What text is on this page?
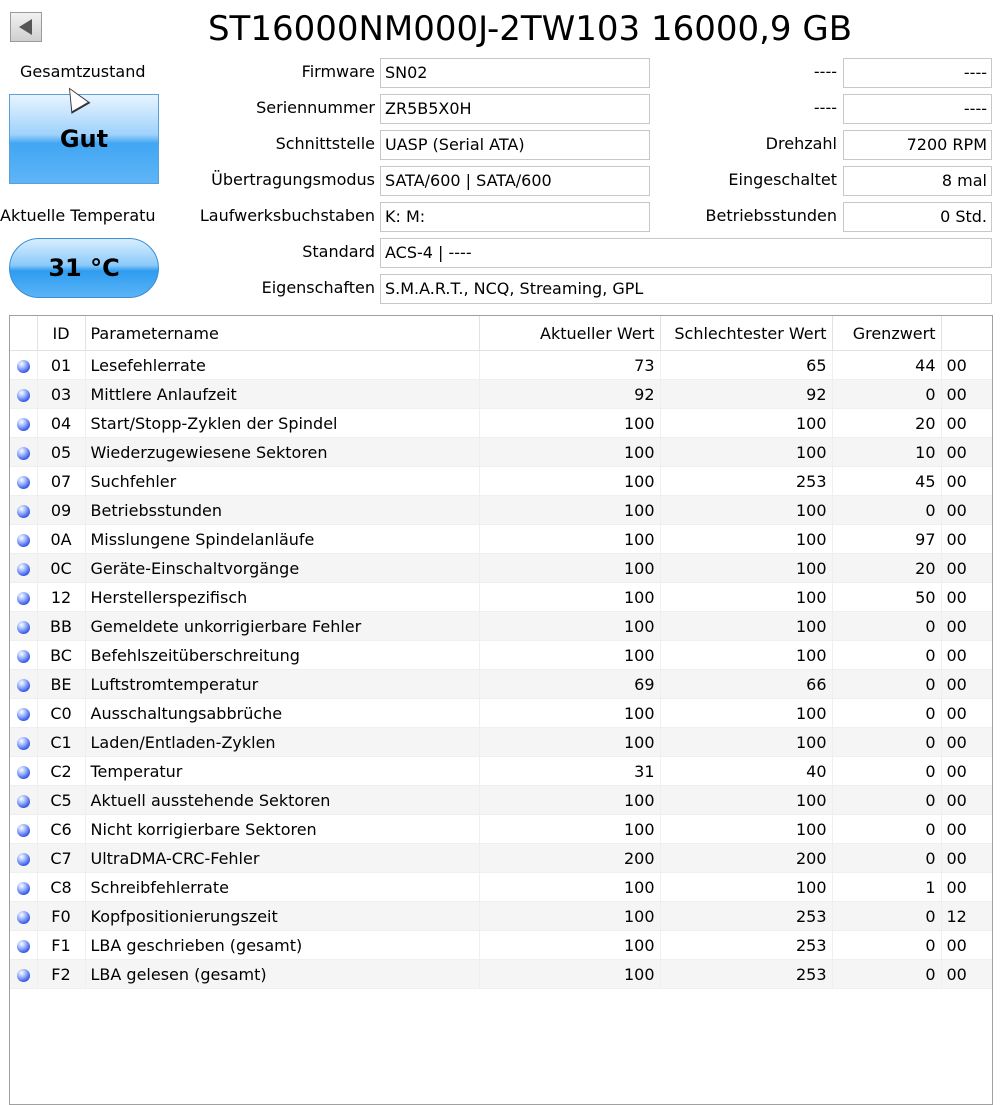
ST16000NM000J-2TW103 16000,9 GB
Gesamtzustand
Gut
Aktuelle Temperatu
31 °C
Firmware SN02
Seriennummer ZR5B5X0H
Schnittstelle UASP (Serial ATA)
Übertragungsmodus SATA/600 | SATA/600
Laufwerksbuchstaben K: M:
Standard ACS-4 | ----
Eigenschaften S.M.A.R.T., NCQ, Streaming, GPL
----	----
----	----
Drehzahl	7200 RPM
Eingeschaltet	8 mal
Betriebsstunden	0 Std.
	ID	Parametername	Aktueller Wert	Schlechtester Wert	Grenzwert	
	01	Lesefehlerrate	73	65	44	00
	03	Mittlere Anlaufzeit	92	92	0	00
	04	Start/Stopp-Zyklen der Spindel	100	100	20	00
	05	Wiederzugewiesene Sektoren	100	100	10	00
	07	Suchfehler	100	253	45	00
	09	Betriebsstunden	100	100	0	00
	0A	Misslungene Spindelanläufe	100	100	97	00
	0C	Geräte-Einschaltvorgänge	100	100	20	00
	12	Herstellerspezifisch	100	100	50	00
	BB	Gemeldete unkorrigierbare Fehler	100	100	0	00
	BC	Befehlszeitüberschreitung	100	100	0	00
	BE	Luftstromtemperatur	69	66	0	00
	C0	Ausschaltungsabbrüche	100	100	0	00
	C1	Laden/Entladen-Zyklen	100	100	0	00
	C2	Temperatur	31	40	0	00
	C5	Aktuell ausstehende Sektoren	100	100	0	00
	C6	Nicht korrigierbare Sektoren	100	100	0	00
	C7	UltraDMA-CRC-Fehler	200	200	0	00
	C8	Schreibfehlerrate	100	100	1	00
	F0	Kopfpositionierungszeit	100	253	0	12
	F1	LBA geschrieben (gesamt)	100	253	0	00
	F2	LBA gelesen (gesamt)	100	253	0	00
